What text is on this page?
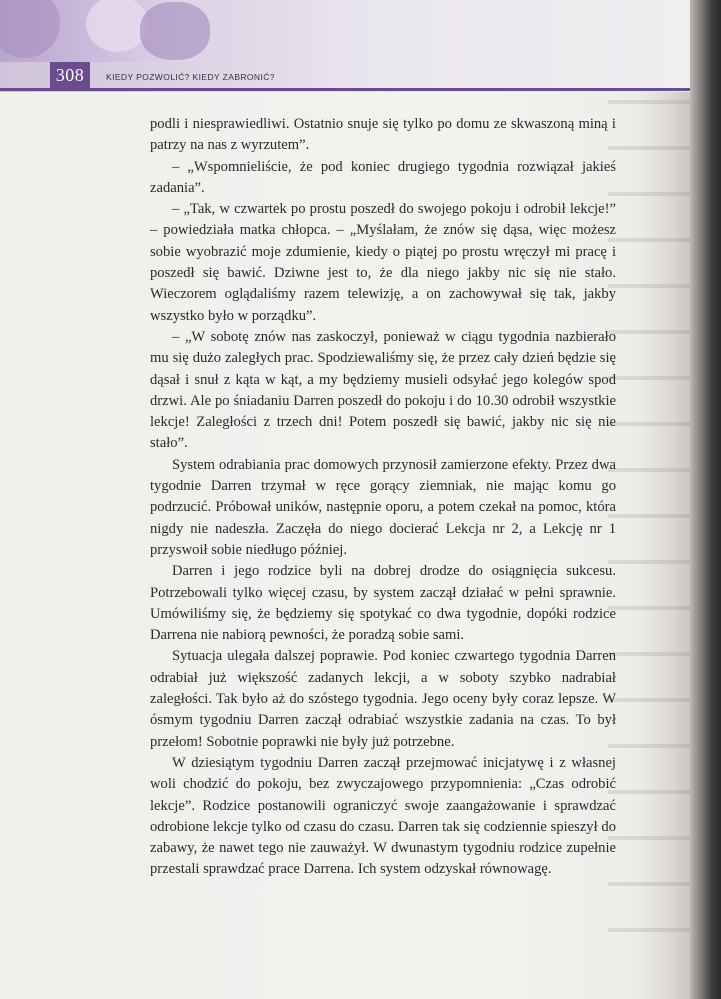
308	KIEDY POZWOLIĆ? KIEDY ZABRONIĆ?

podli i niesprawiedliwi. Ostatnio snuje się tylko po domu ze skwaszoną miną i patrzy na nas z wyrzutem”.

– „Wspomnieliście, że pod koniec drugiego tygodnia rozwiązał jakieś zadania”.

– „Tak, w czwartek po prostu poszedł do swojego pokoju i odrobił lekcje!” – powiedziała matka chłopca. – „Myślałam, że znów się dąsa, więc możesz sobie wyobrazić moje zdumienie, kiedy o piątej po prostu wręczył mi pracę i poszedł się bawić. Dziwne jest to, że dla niego jakby nic się nie stało. Wieczorem oglądaliśmy razem telewizję, a on zachowywał się tak, jakby wszystko było w porządku”.

– „W sobotę znów nas zaskoczył, ponieważ w ciągu tygodnia nazbierało mu się dużo zaległych prac. Spodziewaliśmy się, że przez cały dzień będzie się dąsał i snuł z kąta w kąt, a my będziemy musieli odsyłać jego kolegów spod drzwi. Ale po śniadaniu Darren poszedł do pokoju i do 10.30 odrobił wszystkie lekcje! Zaległości z trzech dni! Potem poszedł się bawić, jakby nic się nie stało”.

System odrabiania prac domowych przynosił zamierzone efekty. Przez dwa tygodnie Darren trzymał w ręce gorący ziemniak, nie mając komu go podrzucić. Próbował uników, następnie oporu, a potem czekał na pomoc, która nigdy nie nadeszła. Zaczęła do niego docierać Lekcja nr 2, a Lekcję nr 1 przyswoił sobie niedługo później.

Darren i jego rodzice byli na dobrej drodze do osiągnięcia sukcesu. Potrzebowali tylko więcej czasu, by system zaczął działać w pełni sprawnie. Umówiliśmy się, że będziemy się spotykać co dwa tygodnie, dopóki rodzice Darrena nie nabiorą pewności, że poradzą sobie sami.

Sytuacja ulegała dalszej poprawie. Pod koniec czwartego tygodnia Darren odrabiał już większość zadanych lekcji, a w soboty szybko nadrabiał zaległości. Tak było aż do szóstego tygodnia. Jego oceny były coraz lepsze. W ósmym tygodniu Darren zaczął odrabiać wszystkie zadania na czas. To był przełom! Sobotnie poprawki nie były już potrzebne.

W dziesiątym tygodniu Darren zaczął przejmować inicjatywę i z własnej woli chodzić do pokoju, bez zwyczajowego przypomnienia: „Czas odrobić lekcje”. Rodzice postanowili ograniczyć swoje zaangażowanie i sprawdzać odrobione lekcje tylko od czasu do czasu. Darren tak się codziennie spieszył do zabawy, że nawet tego nie zauważył. W dwunastym tygodniu rodzice zupełnie przestali sprawdzać prace Darrena. Ich system odzyskał równowagę.
